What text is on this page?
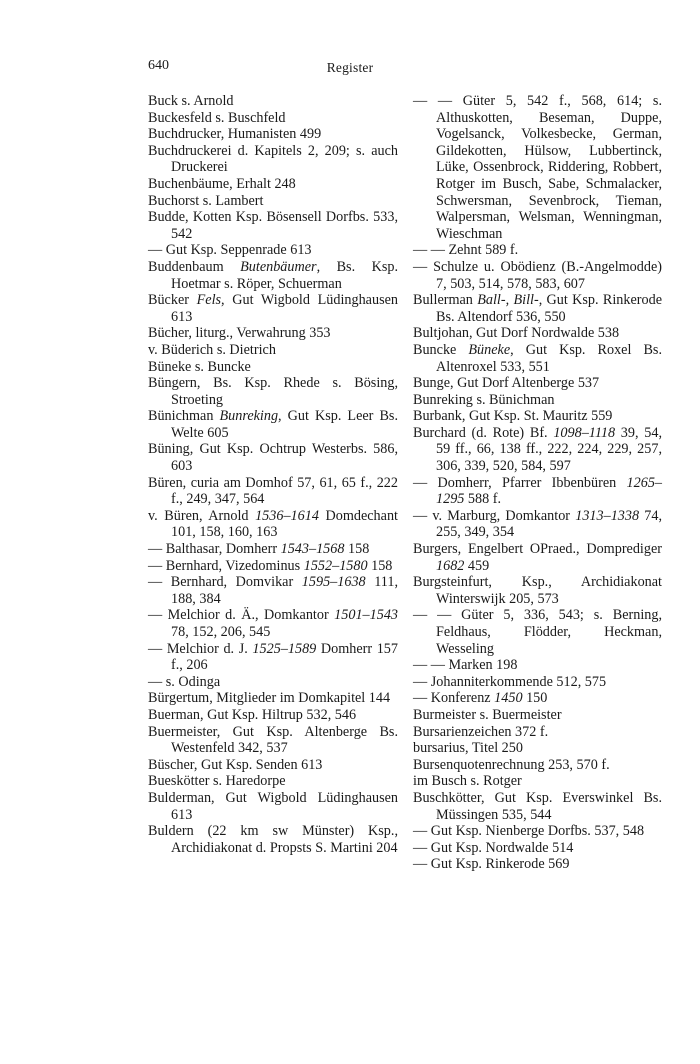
640	Register
Buck s. Arnold
Buckesfeld s. Buschfeld
Buchdrucker, Humanisten 499
Buchdruckerei d. Kapitels 2, 209; s. auch Druckerei
Buchenbäume, Erhalt 248
Buchorst s. Lambert
Budde, Kotten Ksp. Bösensell Dorfbs. 533, 542
— Gut Ksp. Seppenrade 613
Buddenbaum Butenbäumer, Bs. Ksp. Hoetmar s. Röper, Schuerman
Bücker Fels, Gut Wigbold Lüdinghausen 613
Bücher, liturg., Verwahrung 353
v. Büderich s. Dietrich
Büneke s. Buncke
Büngern, Bs. Ksp. Rhede s. Bösing, Stroeting
Bünichman Bunreking, Gut Ksp. Leer Bs. Welte 605
Büning, Gut Ksp. Ochtrup Westerbs. 586, 603
Büren, curia am Domhof 57, 61, 65 f., 222 f., 249, 347, 564
v. Büren, Arnold 1536–1614 Domdechant 101, 158, 160, 163
— Balthasar, Domherr 1543–1568 158
— Bernhard, Vizedominus 1552–1580 158
— Bernhard, Domvikar 1595–1638 111, 188, 384
— Melchior d. Ä., Domkantor 1501–1543 78, 152, 206, 545
— Melchior d. J. 1525–1589 Domherr 157 f., 206
— s. Odinga
Bürgertum, Mitglieder im Domkapitel 144
Buerman, Gut Ksp. Hiltrup 532, 546
Buermeister, Gut Ksp. Altenberge Bs. Westenfeld 342, 537
Büscher, Gut Ksp. Senden 613
Bueskötter s. Haredorpe
Bulderman, Gut Wigbold Lüdinghausen 613
Buldern (22 km sw Münster) Ksp., Archidiakonat d. Propsts S. Martini 204
— — Güter 5, 542 f., 568, 614; s. Althuskotten, Beseman, Duppe, Vogelsanck, Volkesbecke, German, Gildekotten, Hülsow, Lubbertinck, Lüke, Ossenbrock, Riddering, Robbert, Rotger im Busch, Sabe, Schmalacker, Schwersman, Sevenbrock, Tieman, Walpersman, Welsman, Wenningman, Wieschman
— — Zehnt 589 f.
— Schulze u. Obödienz (B.-Angelmodde) 7, 503, 514, 578, 583, 607
Bullerman Ball-, Bill-, Gut Ksp. Rinkerode Bs. Altendorf 536, 550
Bultjohan, Gut Dorf Nordwalde 538
Buncke Büneke, Gut Ksp. Roxel Bs. Altenroxel 533, 551
Bunge, Gut Dorf Altenberge 537
Bunreking s. Bünichman
Burbank, Gut Ksp. St. Mauritz 559
Burchard (d. Rote) Bf. 1098–1118 39, 54, 59 ff., 66, 138 ff., 222, 224, 229, 257, 306, 339, 520, 584, 597
— Domherr, Pfarrer Ibbenbüren 1265–1295 588 f.
— v. Marburg, Domkantor 1313–1338 74, 255, 349, 354
Burgers, Engelbert OPraed., Domprediger 1682 459
Burgsteinfurt, Ksp., Archidiakonat Winterswijk 205, 573
— — Güter 5, 336, 543; s. Berning, Feldhaus, Flödder, Heckman, Wesseling
— — Marken 198
— Johanniterkommende 512, 575
— Konferenz 1450 150
Burmeister s. Buermeister
Bursarienzeichen 372 f.
bursarius, Titel 250
Bursenquotenrechnung 253, 570 f.
im Busch s. Rotger
Buschkötter, Gut Ksp. Everswinkel Bs. Müssingen 535, 544
— Gut Ksp. Nienberge Dorfbs. 537, 548
— Gut Ksp. Nordwalde 514
— Gut Ksp. Rinkerode 569
